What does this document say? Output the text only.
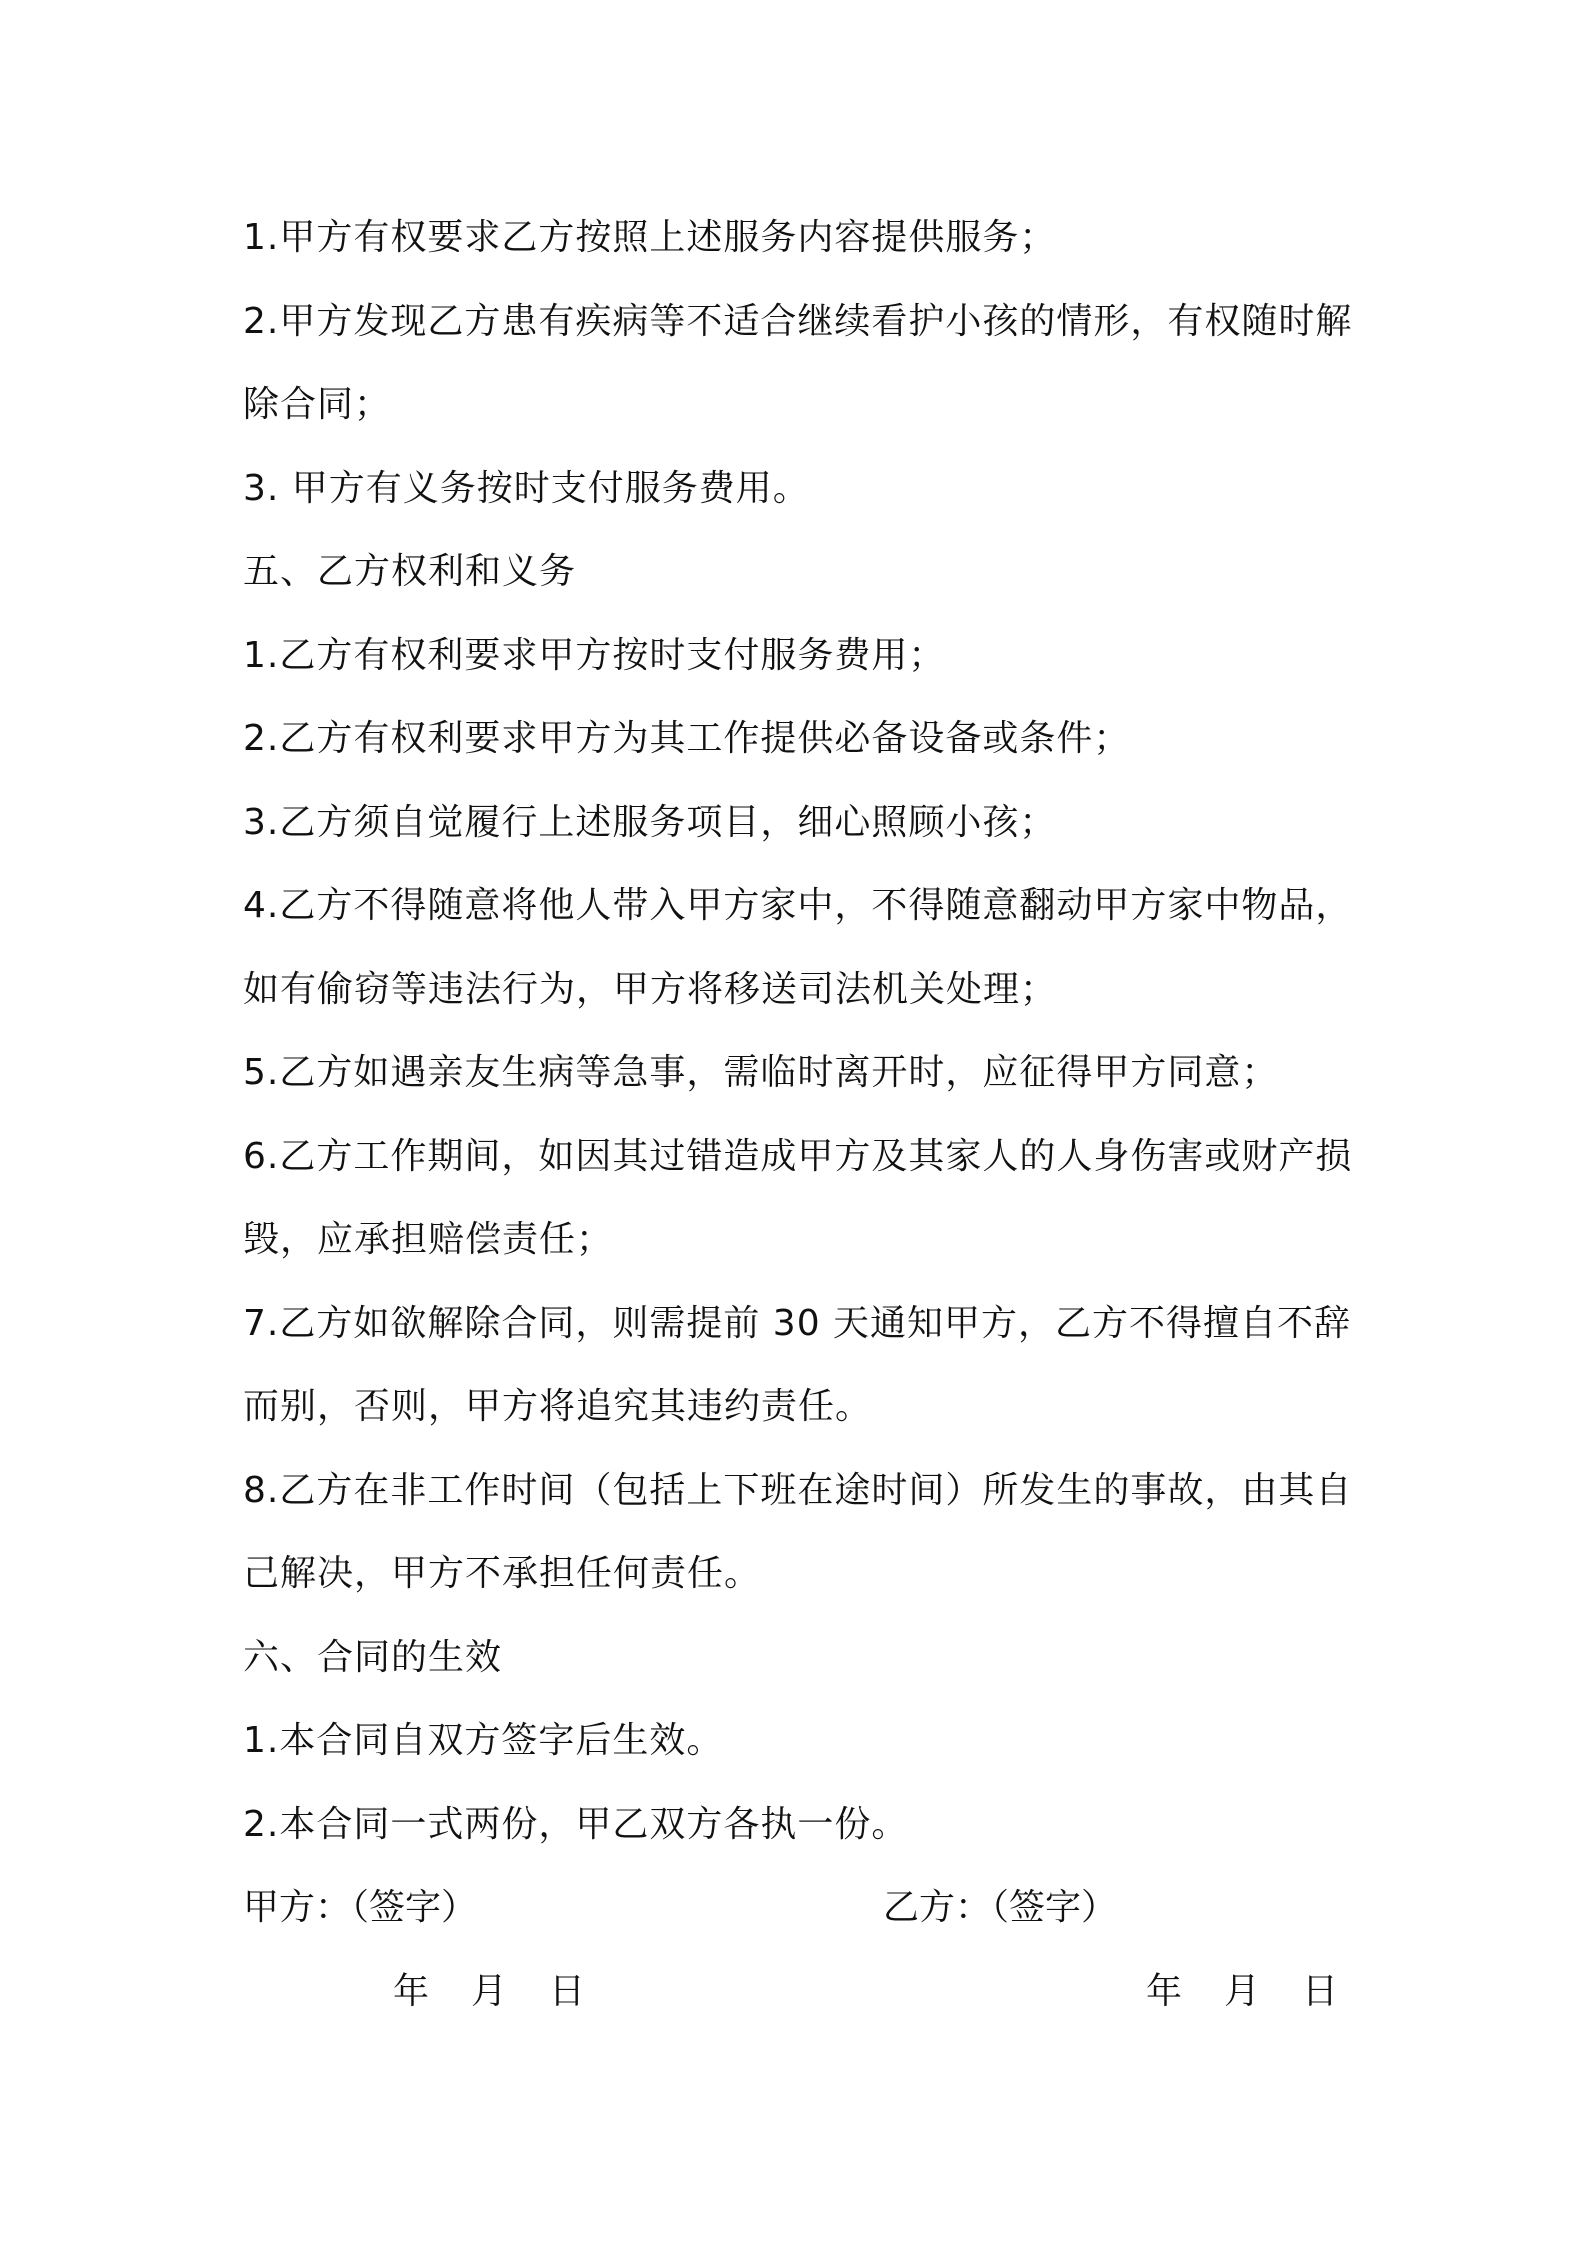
1.甲方有权要求乙方按照上述服务内容提供服务；
2.甲方发现乙方患有疾病等不适合继续看护小孩的情形，有权随时解
除合同；
3. 甲方有义务按时支付服务费用。
五、乙方权利和义务
1.乙方有权利要求甲方按时支付服务费用；
2.乙方有权利要求甲方为其工作提供必备设备或条件；
3.乙方须自觉履行上述服务项目，细心照顾小孩；
4.乙方不得随意将他人带入甲方家中，不得随意翻动甲方家中物品，
如有偷窃等违法行为，甲方将移送司法机关处理；
5.乙方如遇亲友生病等急事，需临时离开时，应征得甲方同意；
6.乙方工作期间，如因其过错造成甲方及其家人的人身伤害或财产损
毁，应承担赔偿责任；
7.乙方如欲解除合同，则需提前 30 天通知甲方，乙方不得擅自不辞
而别，否则，甲方将追究其违约责任。
8.乙方在非工作时间（包括上下班在途时间）所发生的事故，由其自
己解决，甲方不承担任何责任。
六、合同的生效
1.本合同自双方签字后生效。
2.本合同一式两份，甲乙双方各执一份。
甲方：（签字）	乙方：（签字）
年 月 日	年 月 日
